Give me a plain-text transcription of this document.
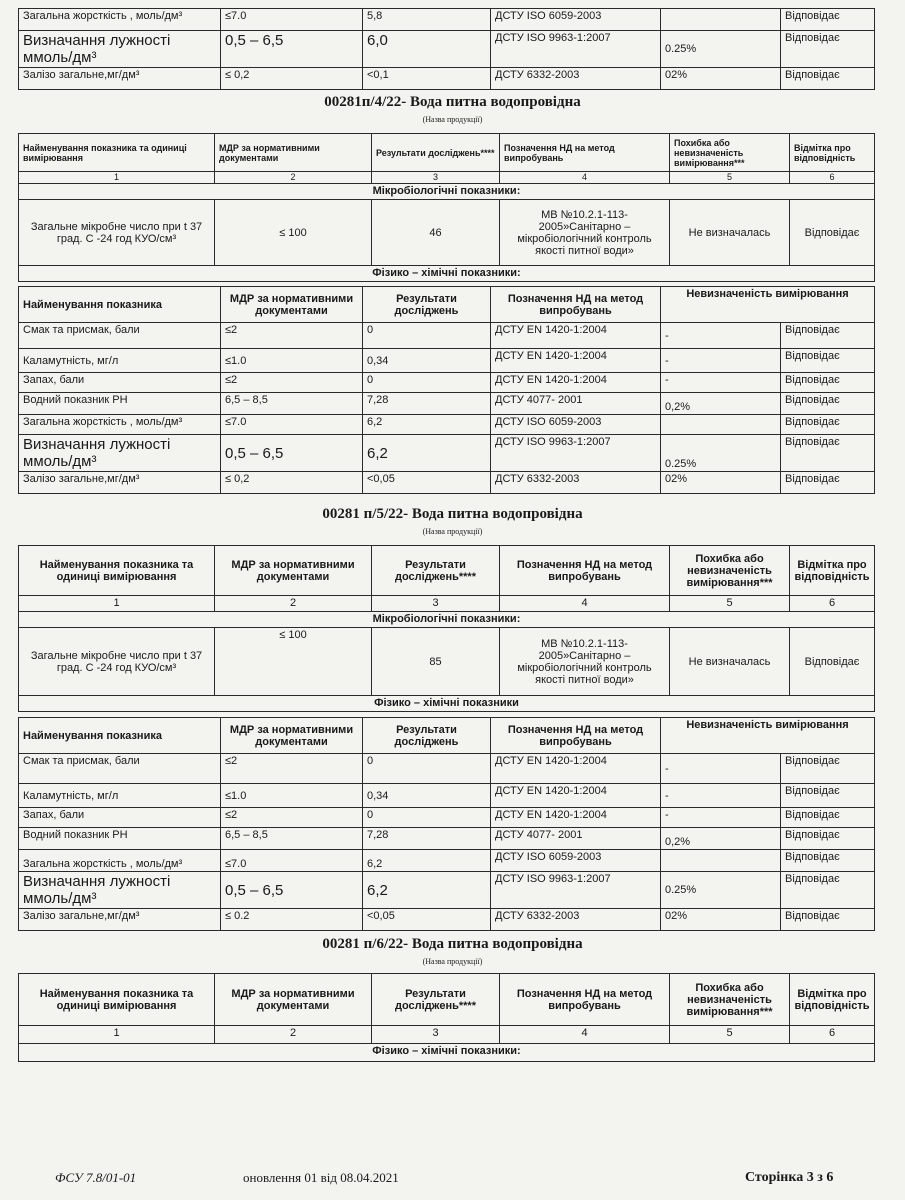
Загальна жорсткість , моль/дм³	≤7.0	5,8	ДСТУ ISO 6059-2003		Відповідає
Визначання лужності ммоль/дм³	0,5 – 6,5	6,0	ДСТУ ISO 9963-1:2007	0.25%	Відповідає
Залізо загальне,мг/дм³	≤ 0,2	<0,1	ДСТУ 6332-2003	02%	Відповідає
00281п/4/22- Вода питна водопровідна
(Назва продукції)
Найменування показника та одиниці вимірювання	МДР за нормативними документами	Результати досліджень****	Позначення НД на метод випробувань	Похибка або невизначеність вимірювання***	Відмітка про відповідність
1	2	3	4	5	6
Мікробіологічні показники:					
Загальне мікробне число при t 37 град. С -24 год КУО/см³	≤ 100	46	МВ №10.2.1-113-2005»Санітарно – мікробіологічний контроль якості питної води»	Не визначалась	Відповідає
Фізико – хімічні показники:					
Найменування показника	МДР за нормативними документами	Результати досліджень	Позначення НД на метод випробувань	Невизначеність вимірювання	
Смак та присмак, бали	≤2	0	ДСТУ EN 1420-1:2004	-	Відповідає
Каламутність, мг/л	≤1.0	0,34	ДСТУ EN 1420-1:2004	-	Відповідає
Запах, бали	≤2	0	ДСТУ EN 1420-1:2004	-	Відповідає
Водний показник PH	6,5 – 8,5	7,28	ДСТУ 4077- 2001	0,2%	Відповідає
Загальна жорсткість , моль/дм³	≤7.0	6,2	ДСТУ ISO 6059-2003		Відповідає
Визначання лужності ммоль/дм³	0,5 – 6,5	6,2	ДСТУ ISO 9963-1:2007	0.25%	Відповідає
Залізо загальне,мг/дм³	≤ 0,2	<0,05	ДСТУ 6332-2003	02%	Відповідає
00281 п/5/22- Вода питна водопровідна
(Назва продукції)
Найменування показника та одиниці вимірювання	МДР за нормативними документами	Результати досліджень****	Позначення НД на метод випробувань	Похибка або невизначеність вимірювання***	Відмітка про відповідність
1	2	3	4	5	6
Мікробіологічні показники:					
Загальне мікробне число при t 37 град. С -24 год КУО/см³	≤ 100	85	МВ №10.2.1-113-2005»Санітарно – мікробіологічний контроль якості питної води»	Не визначалась	Відповідає
Фізико – хімічні показники					
Найменування показника	МДР за нормативними документами	Результати досліджень	Позначення НД на метод випробувань	Невизначеність вимірювання	
Смак та присмак, бали	≤2	0	ДСТУ EN 1420-1:2004	-	Відповідає
Каламутність, мг/л	≤1.0	0,34	ДСТУ EN 1420-1:2004	-	Відповідає
Запах, бали	≤2	0	ДСТУ EN 1420-1:2004	-	Відповідає
Водний показник PH	6,5 – 8,5	7,28	ДСТУ 4077- 2001	0,2%	Відповідає
Загальна жорсткість , моль/дм³	≤7.0	6,2	ДСТУ ISO 6059-2003		Відповідає
Визначання лужності ммоль/дм³	0,5 – 6,5	6,2	ДСТУ ISO 9963-1:2007	0.25%	Відповідає
Залізо загальне,мг/дм³	≤ 0.2	<0,05	ДСТУ 6332-2003	02%	Відповідає
00281 п/6/22- Вода питна водопровідна
(Назва продукції)
Найменування показника та одиниці вимірювання	МДР за нормативними документами	Результати досліджень****	Позначення НД на метод випробувань	Похибка або невизначеність вимірювання***	Відмітка про відповідність
1	2	3	4	5	6
Фізико – хімічні показники:					
ФСУ 7.8/01-01	оновлення 01 від 08.04.2021	Сторінка 3 з 6
